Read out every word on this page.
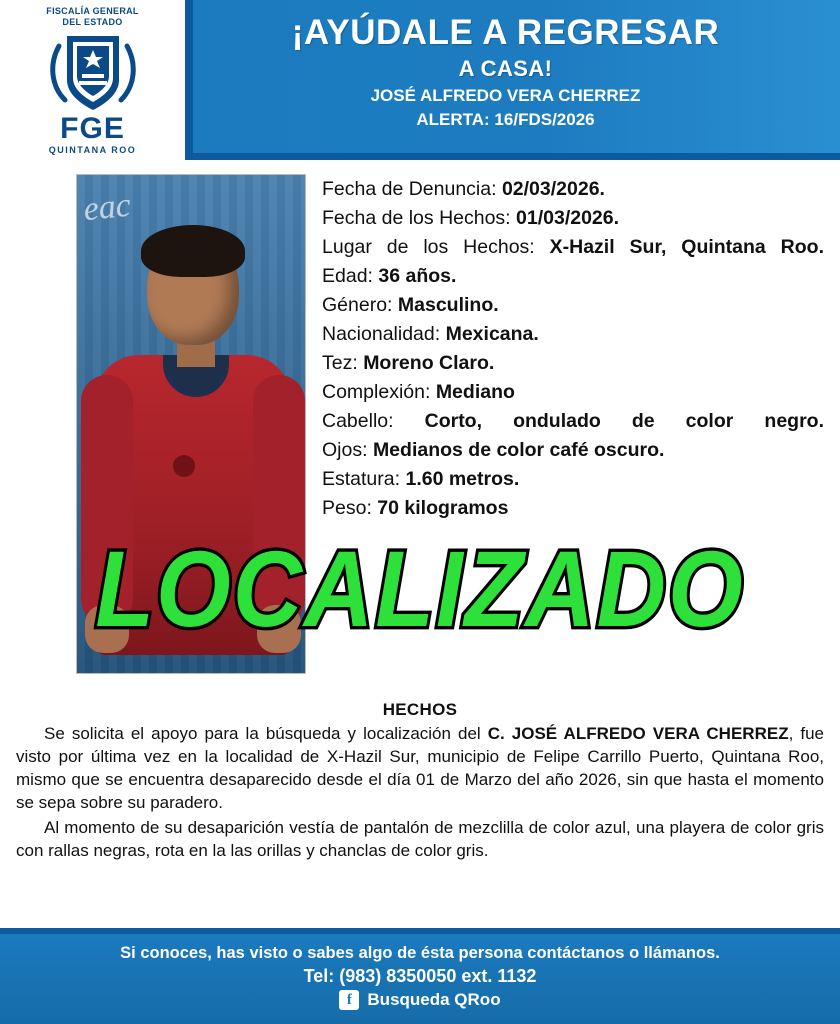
FISCALÍA GENERAL
DEL ESTADO
FGE
QUINTANA ROO
¡AYÚDALE A REGRESAR
A CASA!
JOSÉ ALFREDO VERA CHERREZ
ALERTA: 16/FDS/2026
eac	Fecha de Denuncia: 02/03/2026.

Fecha de los Hechos: 01/03/2026.

Lugar de los Hechos: X-Hazil Sur, Quintana Roo.

Edad: 36 años.

Género: Masculino.

Nacionalidad: Mexicana.

Tez: Moreno Claro.

Complexión: Mediano

Cabello: Corto, ondulado de color negro.

Ojos: Medianos de color café oscuro.

Estatura: 1.60 metros.

Peso: 70 kilogramos

HECHOS

Se solicita el apoyo para la búsqueda y localización del C. JOSÉ ALFREDO VERA CHERREZ, fue visto por última vez en la localidad de X-Hazil Sur, municipio de Felipe Carrillo Puerto, Quintana Roo, mismo que se encuentra desaparecido desde el día 01 de Marzo del año 2026, sin que hasta el momento se sepa sobre su paradero.

Al momento de su desaparición vestía de pantalón de mezclilla de color azul, una playera de color gris con rallas negras, rota en la las orillas y chanclas de color gris.

LOCALIZADO
Si conoces, has visto o sabes algo de ésta persona contáctanos o llámanos.
Tel: (983) 8350050 ext. 1132
f Busqueda QRoo
